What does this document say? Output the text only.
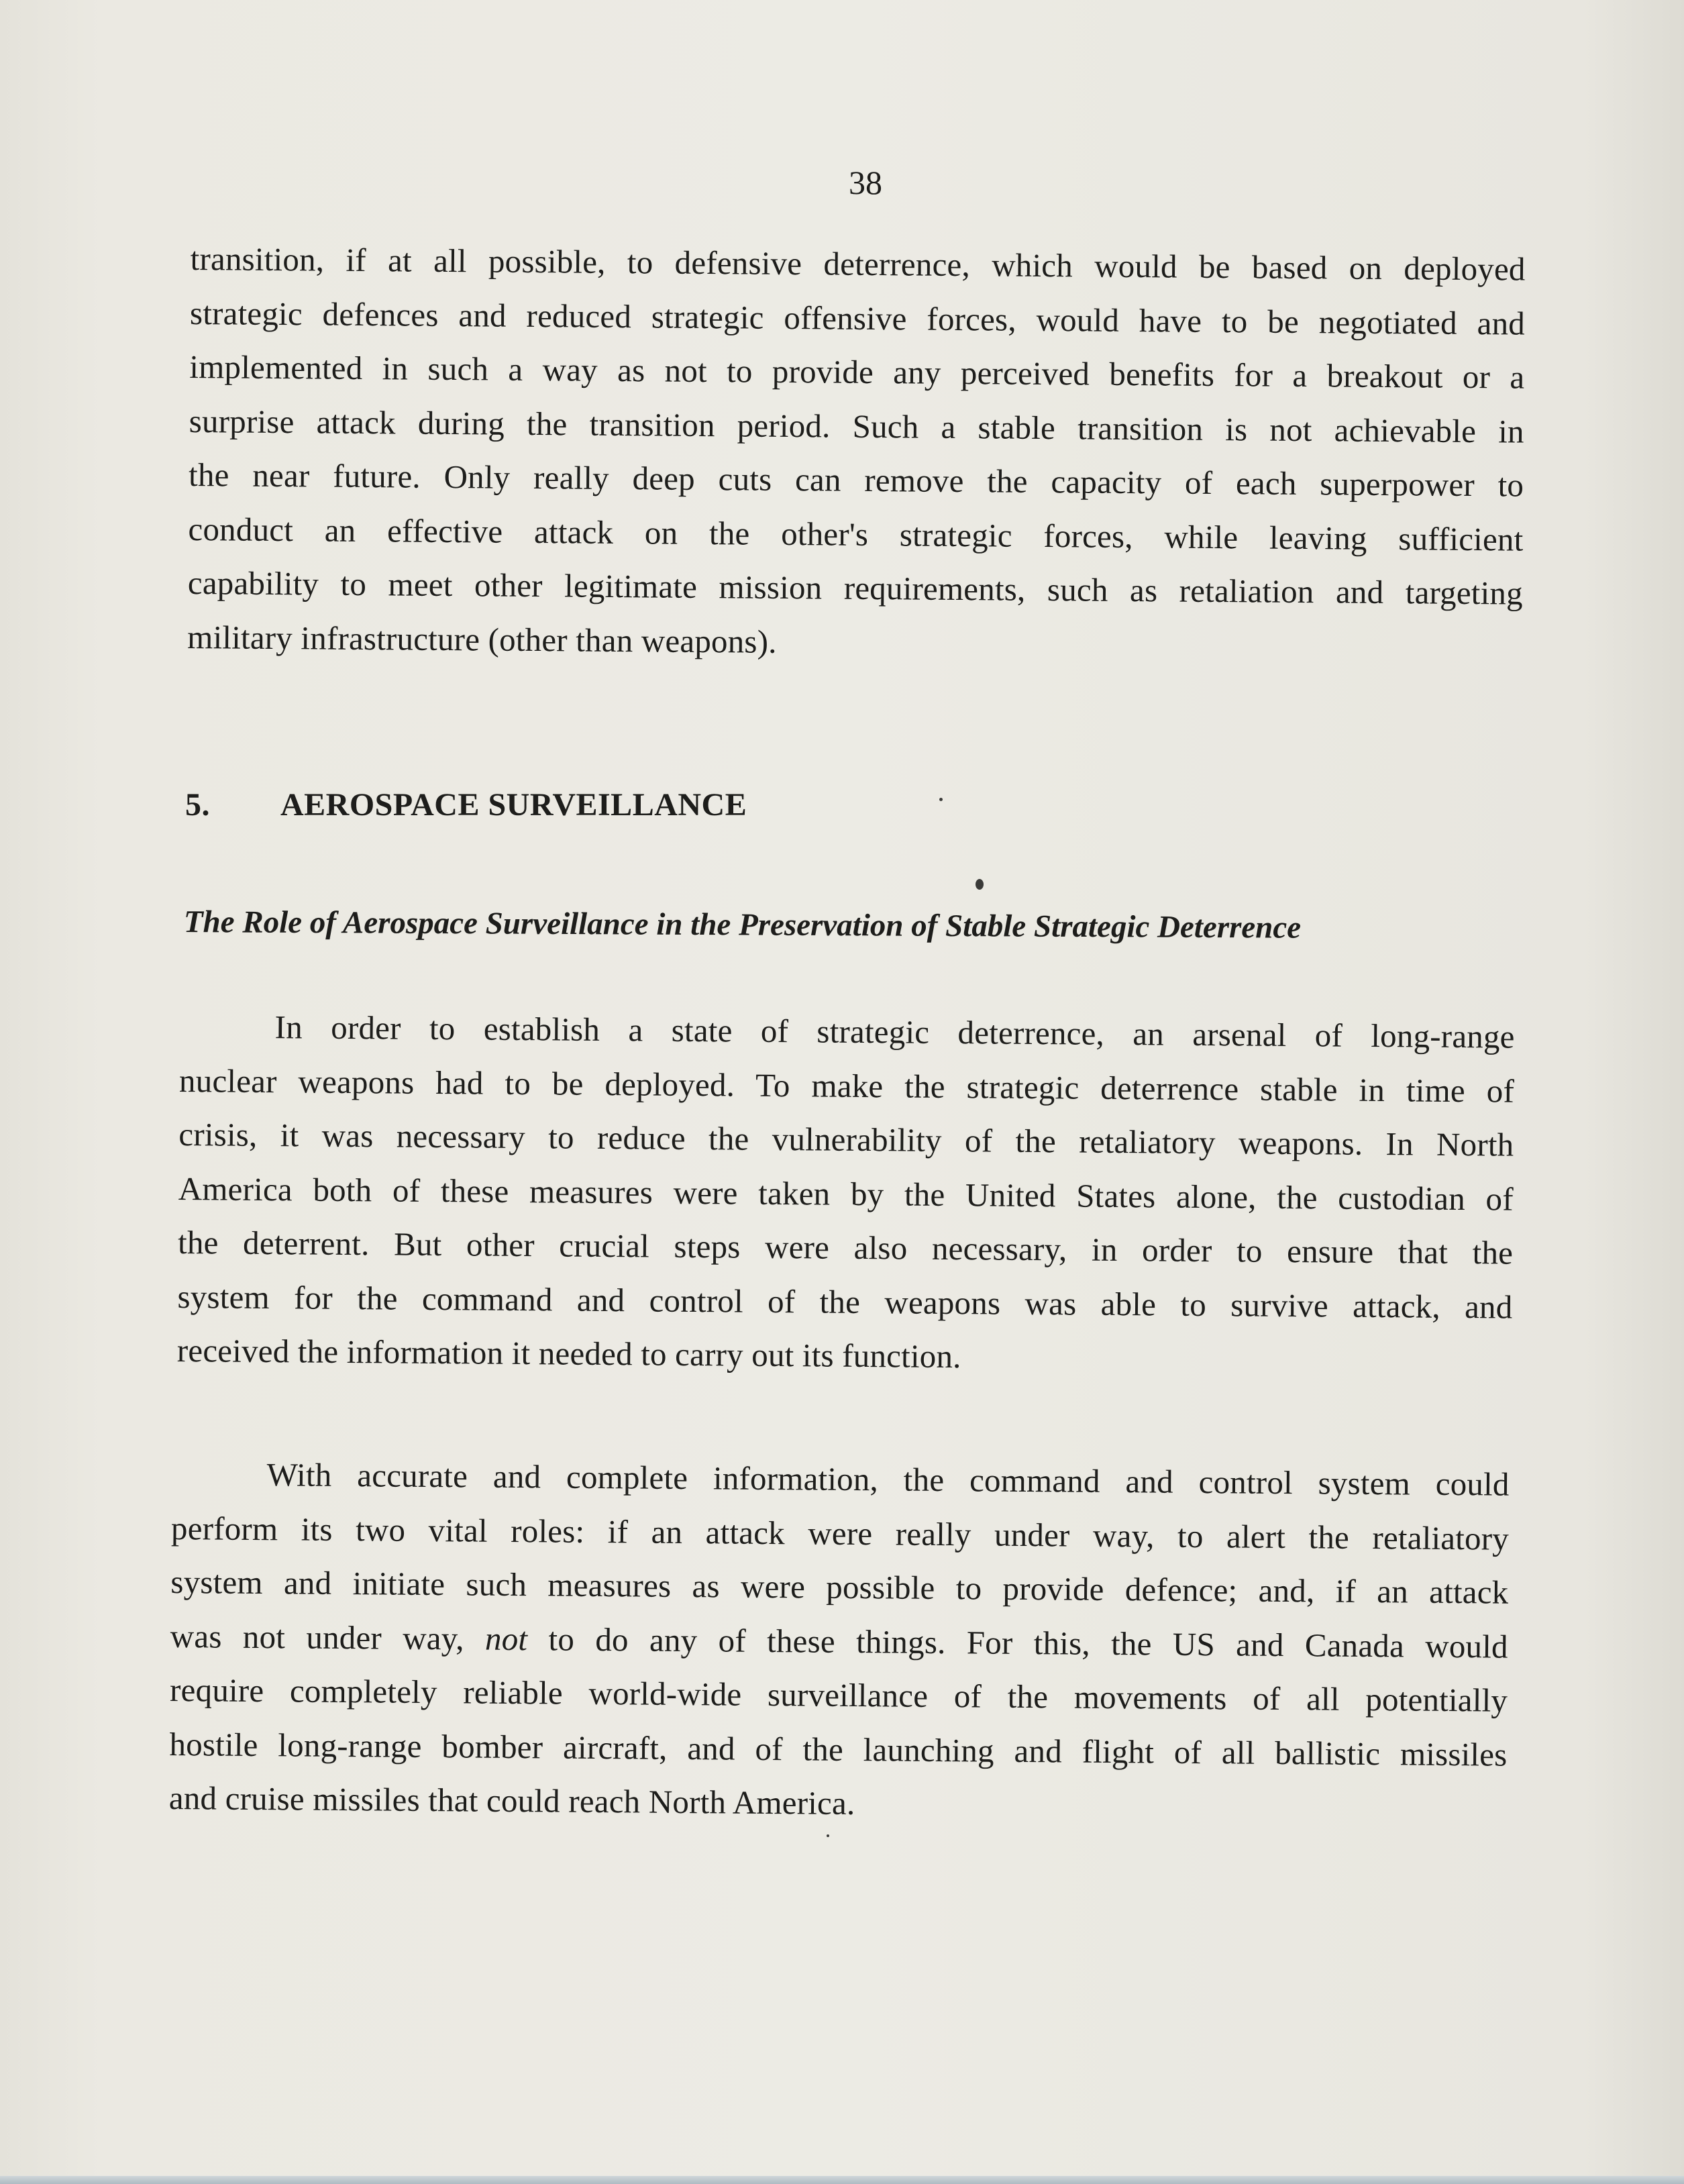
38
transition, if at all possible, to defensive deterrence, which would be based on deployed
strategic defences and reduced strategic offensive forces, would have to be negotiated and
implemented in such a way as not to provide any perceived benefits for a breakout or a
surprise attack during the transition period. Such a stable transition is not achievable in
the near future. Only really deep cuts can remove the capacity of each superpower to
conduct an effective attack on the other's strategic forces, while leaving sufficient
capability to meet other legitimate mission requirements, such as retaliation and targeting
military infrastructure (other than weapons).
5. AEROSPACE SURVEILLANCE
The Role of Aerospace Surveillance in the Preservation of Stable Strategic Deterrence
In order to establish a state of strategic deterrence, an arsenal of long-range
nuclear weapons had to be deployed. To make the strategic deterrence stable in time of
crisis, it was necessary to reduce the vulnerability of the retaliatory weapons. In North
America both of these measures were taken by the United States alone, the custodian of
the deterrent. But other crucial steps were also necessary, in order to ensure that the
system for the command and control of the weapons was able to survive attack, and
received the information it needed to carry out its function.
With accurate and complete information, the command and control system could
perform its two vital roles: if an attack were really under way, to alert the retaliatory
system and initiate such measures as were possible to provide defence; and, if an attack
was not under way, not to do any of these things. For this, the US and Canada would
require completely reliable world-wide surveillance of the movements of all potentially
hostile long-range bomber aircraft, and of the launching and flight of all ballistic missiles
and cruise missiles that could reach North America.
